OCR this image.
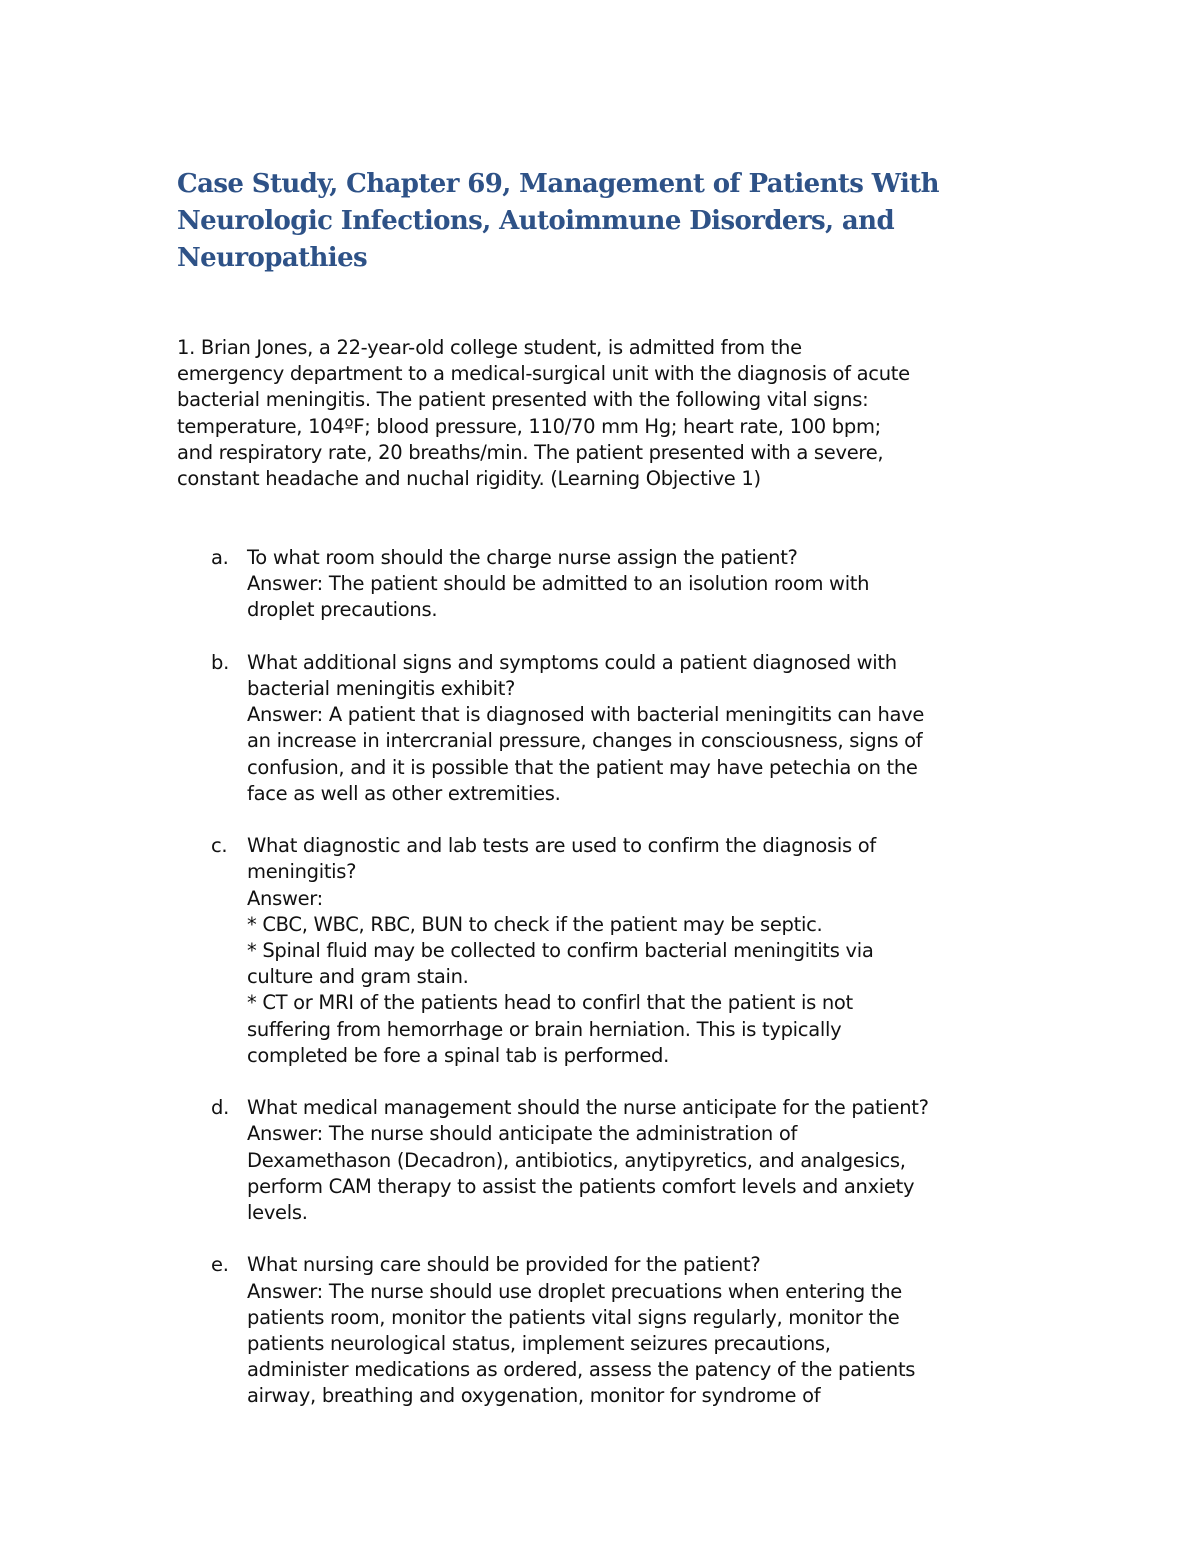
Case Study, Chapter 69, Management of Patients With
Neurologic Infections, Autoimmune Disorders, and
Neuropathies

1. Brian Jones, a 22-year-old college student, is admitted from the
emergency department to a medical-surgical unit with the diagnosis of acute
bacterial meningitis. The patient presented with the following vital signs:
temperature, 104ºF; blood pressure, 110/70 mm Hg; heart rate, 100 bpm;
and respiratory rate, 20 breaths/min. The patient presented with a severe,
constant headache and nuchal rigidity. (Learning Objective 1)

a. To what room should the charge nurse assign the patient?
Answer: The patient should be admitted to an isolution room with
droplet precautions.
b. What additional signs and symptoms could a patient diagnosed with
bacterial meningitis exhibit?
Answer: A patient that is diagnosed with bacterial meningitits can have
an increase in intercranial pressure, changes in consciousness, signs of
confusion, and it is possible that the patient may have petechia on the
face as well as other extremities.
c. What diagnostic and lab tests are used to confirm the diagnosis of
meningitis?
Answer:
* CBC, WBC, RBC, BUN to check if the patient may be septic.
* Spinal fluid may be collected to confirm bacterial meningitits via
culture and gram stain.
* CT or MRI of the patients head to confirl that the patient is not
suffering from hemorrhage or brain herniation. This is typically
completed be fore a spinal tab is performed.
d. What medical management should the nurse anticipate for the patient?
Answer: The nurse should anticipate the administration of
Dexamethason (Decadron), antibiotics, anytipyretics, and analgesics,
perform CAM therapy to assist the patients comfort levels and anxiety
levels.
e. What nursing care should be provided for the patient?
Answer: The nurse should use droplet precuations when entering the
patients room, monitor the patients vital signs regularly, monitor the
patients neurological status, implement seizures precautions,
administer medications as ordered, assess the patency of the patients
airway, breathing and oxygenation, monitor for syndrome of
